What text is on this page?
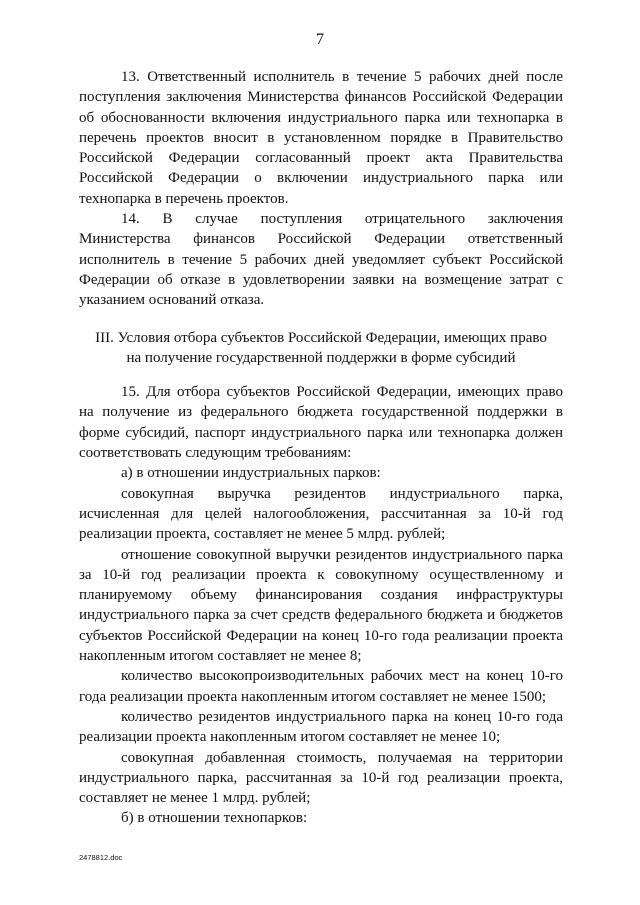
7

13. Ответственный исполнитель в течение 5 рабочих дней после поступления заключения Министерства финансов Российской Федерации об обоснованности включения индустриального парка или технопарка в перечень проектов вносит в установленном порядке в Правительство Российской Федерации согласованный проект акта Правительства Российской Федерации о включении индустриального парка или технопарка в перечень проектов.

14. В случае поступления отрицательного заключения Министерства финансов Российской Федерации ответственный исполнитель в течение 5 рабочих дней уведомляет субъект Российской Федерации об отказе в удовлетворении заявки на возмещение затрат с указанием оснований отказа.

III. Условия отбора субъектов Российской Федерации, имеющих право
на получение государственной поддержки в форме субсидий

15. Для отбора субъектов Российской Федерации, имеющих право на получение из федерального бюджета государственной поддержки в форме субсидий, паспорт индустриального парка или технопарка должен соответствовать следующим требованиям:

а) в отношении индустриальных парков:

совокупная выручка резидентов индустриального парка, исчисленная для целей налогообложения, рассчитанная за 10-й год реализации проекта, составляет не менее 5 млрд. рублей;

отношение совокупной выручки резидентов индустриального парка за 10-й год реализации проекта к совокупному осуществленному и планируемому объему финансирования создания инфраструктуры индустриального парка за счет средств федерального бюджета и бюджетов субъектов Российской Федерации на конец 10-го года реализации проекта накопленным итогом составляет не менее 8;

количество высокопроизводительных рабочих мест на конец 10-го года реализации проекта накопленным итогом составляет не менее 1500;

количество резидентов индустриального парка на конец 10-го года реализации проекта накопленным итогом составляет не менее 10;

совокупная добавленная стоимость, получаемая на территории индустриального парка, рассчитанная за 10-й год реализации проекта, составляет не менее 1 млрд. рублей;

б) в отношении технопарков:

2478812.doc
